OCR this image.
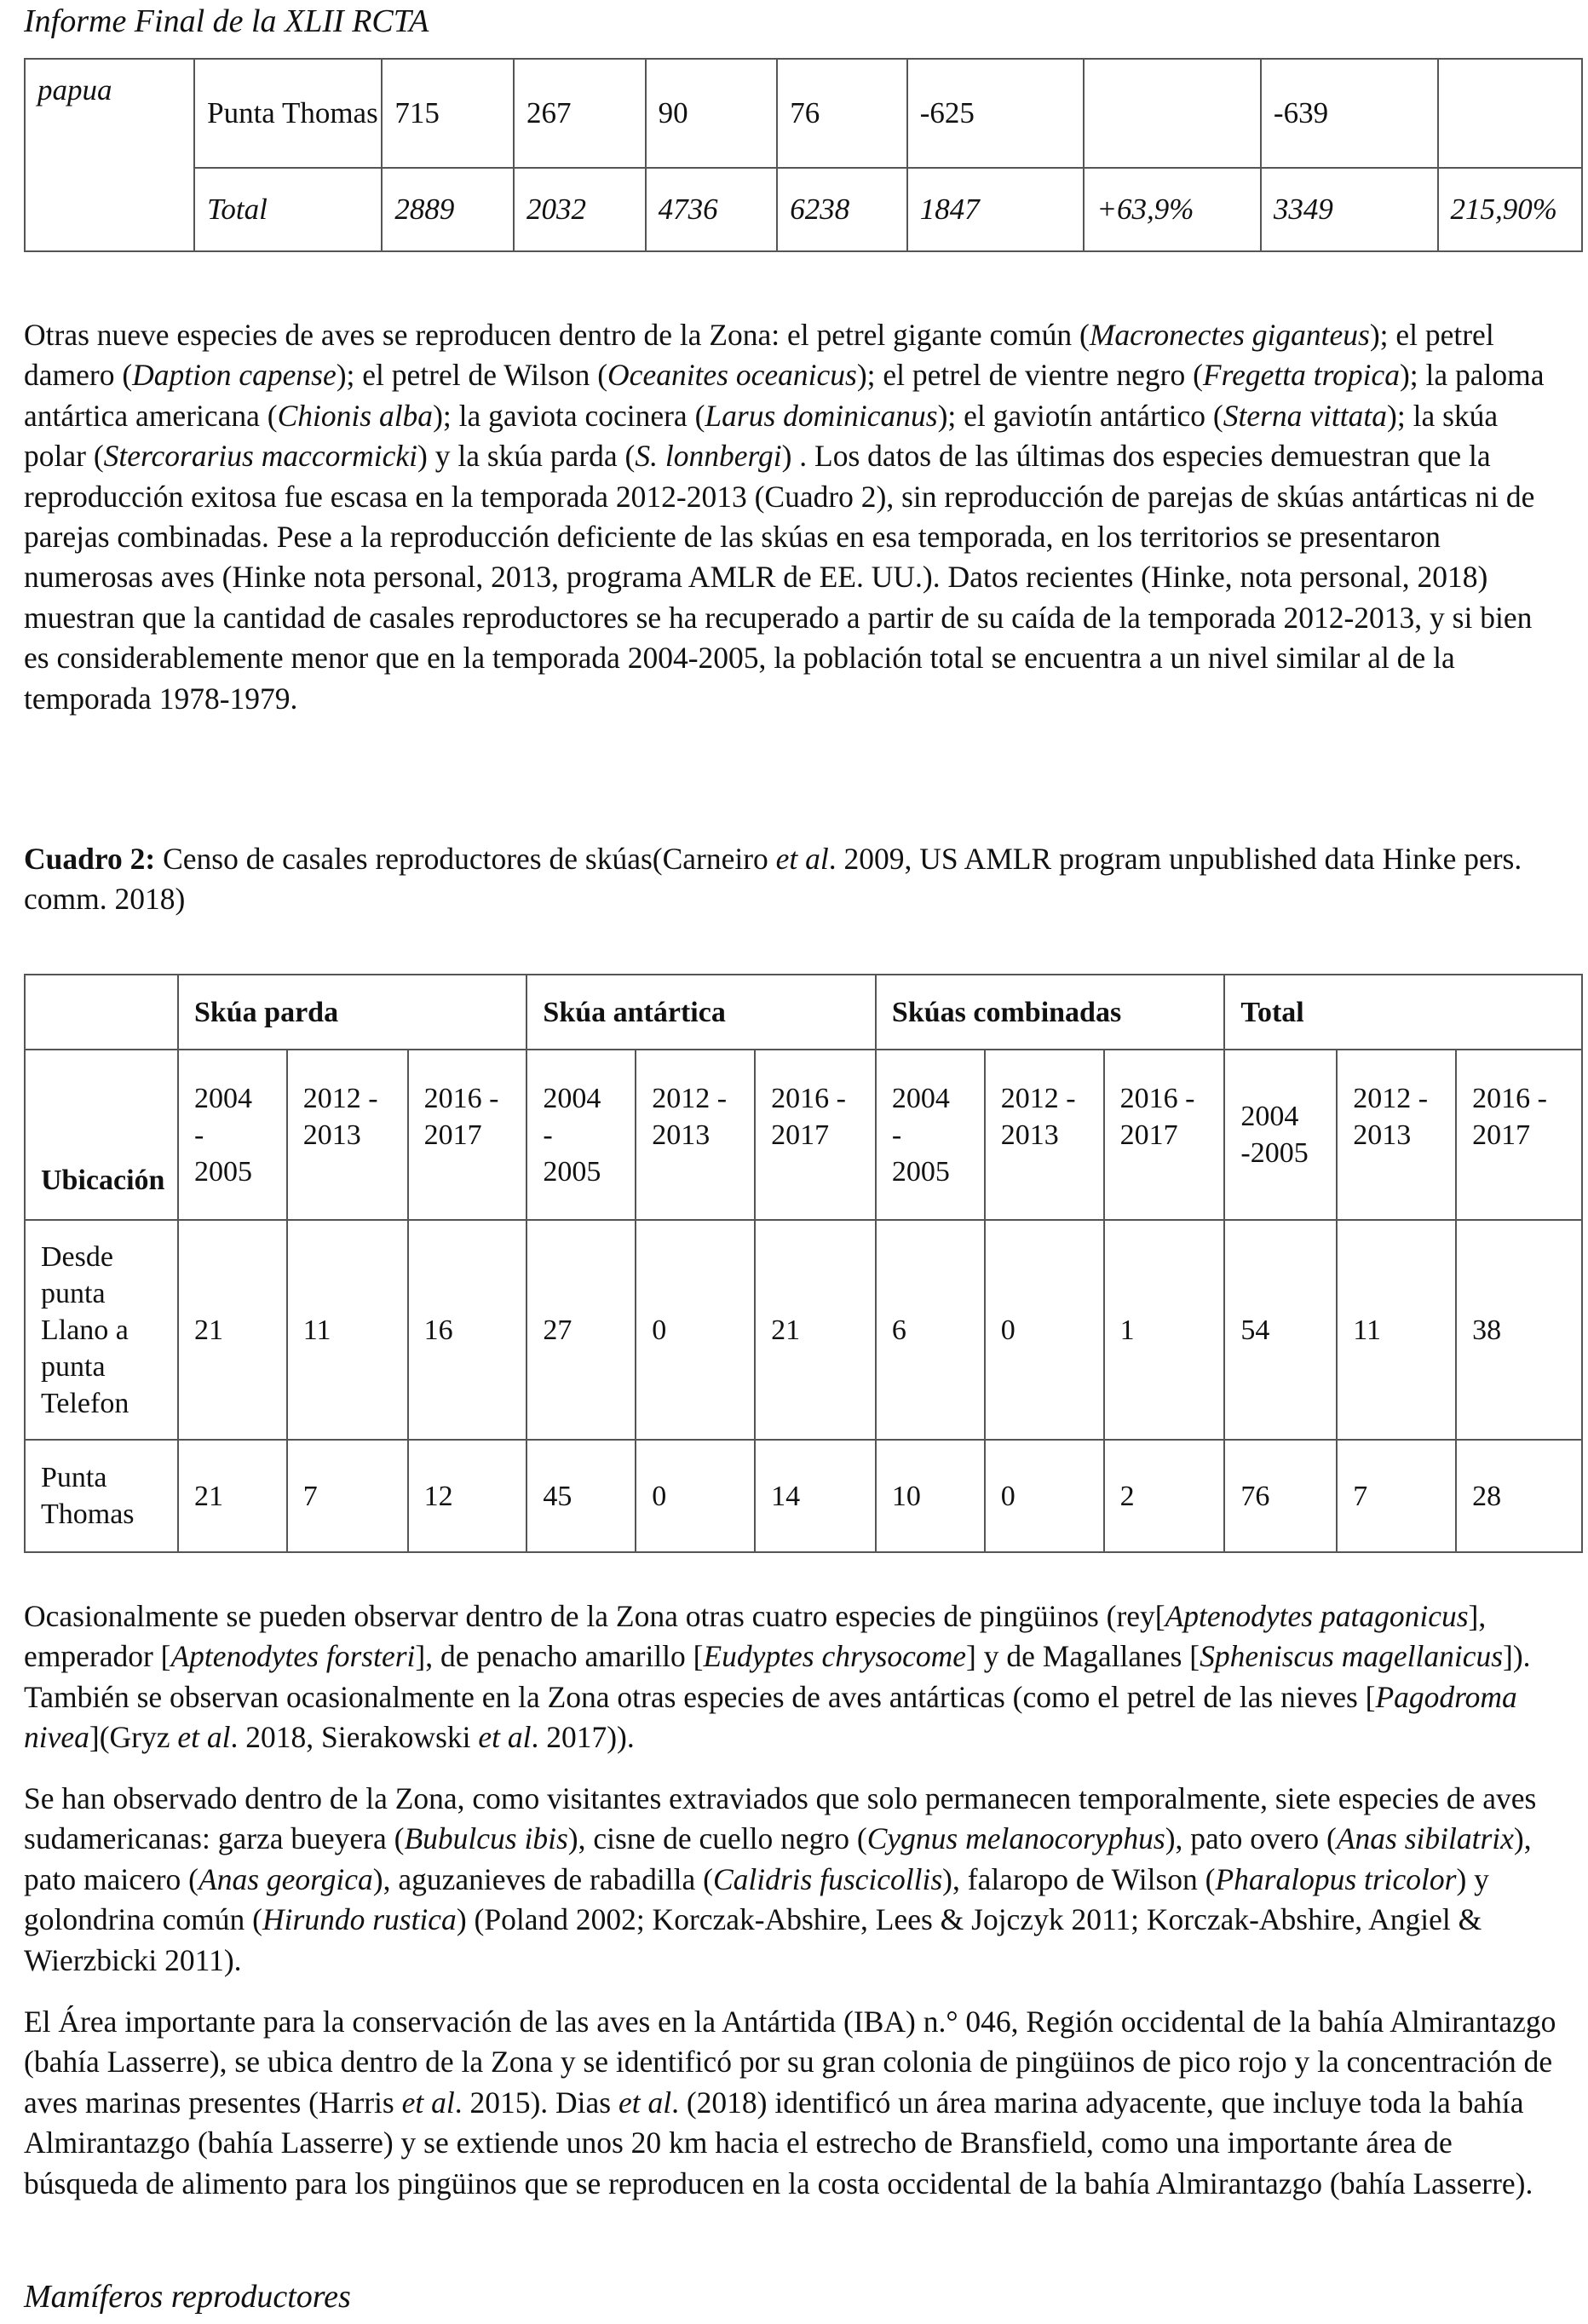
Informe Final de la XLII RCTA
papua	Punta Thomas	715	267	90	76	-625		-639	
	Total	2889	2032	4736	6238	1847	+63,9%	3349	215,90%

Otras nueve especies de aves se reproducen dentro de la Zona: el petrel gigante común (Macronectes giganteus); el petrel damero (Daption capense); el petrel de Wilson (Oceanites oceanicus); el petrel de vientre negro (Fregetta tropica); la paloma antártica americana (Chionis alba); la gaviota cocinera (Larus dominicanus); el gaviotín antártico (Sterna vittata); la skúa polar (Stercorarius maccormicki) y la skúa parda (S. lonnbergi) . Los datos de las últimas dos especies demuestran que la reproducción exitosa fue escasa en la temporada 2012-2013 (Cuadro 2), sin reproducción de parejas de skúas antárticas ni de parejas combinadas. Pese a la reproducción deficiente de las skúas en esa temporada, en los territorios se presentaron numerosas aves (Hinke nota personal, 2013, programa AMLR de EE. UU.). Datos recientes (Hinke, nota personal, 2018) muestran que la cantidad de casales reproductores se ha recuperado a partir de su caída de la temporada 2012-2013, y si bien es considerablemente menor que en la temporada 2004-2005, la población total se encuentra a un nivel similar al de la temporada 1978-1979.

Cuadro 2: Censo de casales reproductores de skúas(Carneiro et al. 2009, US AMLR program unpublished data Hinke pers. comm. 2018)

	Skúa parda			Skúa antártica			Skúas combinadas			Total		
Ubicación	2004
-
2005	2012 -
2013	2016 -
2017	2004
-
2005	2012 -
2013	2016 -
2017	2004
-
2005	2012 -
2013	2016 -
2017	2004
-2005	2012 -
2013	2016 -
2017

Desde
punta
Llano a
punta
Telefon	21	11	16	27	0	21	6	0	1	54	11	38
Punta
Thomas	21	7	12	45	0	14	10	0	2	76	7	28

Ocasionalmente se pueden observar dentro de la Zona otras cuatro especies de pingüinos (rey[Aptenodytes patagonicus], emperador [Aptenodytes forsteri], de penacho amarillo [Eudyptes chrysocome] y de Magallanes [Spheniscus magellanicus]). También se observan ocasionalmente en la Zona otras especies de aves antárticas (como el petrel de las nieves [Pagodroma nivea](Gryz et al. 2018, Sierakowski et al. 2017)).

Se han observado dentro de la Zona, como visitantes extraviados que solo permanecen temporalmente, siete especies de aves sudamericanas: garza bueyera (Bubulcus ibis), cisne de cuello negro (Cygnus melanocoryphus), pato overo (Anas sibilatrix), pato maicero (Anas georgica), aguzanieves de rabadilla (Calidris fuscicollis), falaropo de Wilson (Pharalopus tricolor) y golondrina común (Hirundo rustica) (Poland 2002; Korczak-Abshire, Lees & Jojczyk 2011; Korczak-Abshire, Angiel & Wierzbicki 2011).

El Área importante para la conservación de las aves en la Antártida (IBA) n.° 046, Región occidental de la bahía Almirantazgo (bahía Lasserre), se ubica dentro de la Zona y se identificó por su gran colonia de pingüinos de pico rojo y la concentración de aves marinas presentes (Harris et al. 2015). Dias et al. (2018) identificó un área marina adyacente, que incluye toda la bahía Almirantazgo (bahía Lasserre) y se extiende unos 20 km hacia el estrecho de Bransfield, como una importante área de búsqueda de alimento para los pingüinos que se reproducen en la costa occidental de la bahía Almirantazgo (bahía Lasserre).

Mamíferos reproductores
